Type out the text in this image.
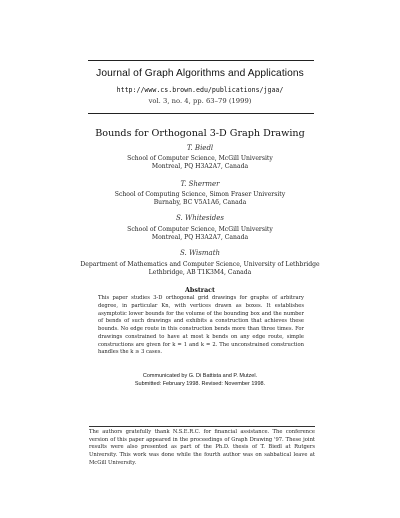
Journal of Graph Algorithms and Applications
http://www.cs.brown.edu/publications/jgaa/
vol. 3, no. 4, pp. 63–79 (1999)
Bounds for Orthogonal 3-D Graph Drawing
T. Biedl
School of Computer Science, McGill University
Montreal, PQ H3A2A7, Canada
T. Shermer
School of Computing Science, Simon Fraser University
Burnaby, BC V5A1A6, Canada
S. Whitesides
School of Computer Science, McGill University
Montreal, PQ H3A2A7, Canada
S. Wismath
Department of Mathematics and Computer Science, University of Lethbridge
Lethbridge, AB T1K3M4, Canada
Abstract
This paper studies 3-D orthogonal grid drawings for graphs of arbitrary degree, in particular Kn, with vertices drawn as boxes. It establishes asymptotic lower bounds for the volume of the bounding box and the number of bends of such drawings and exhibits a construction that achieves these bounds. No edge route in this construction bends more than three times. For drawings constrained to have at most k bends on any edge route, simple constructions are given for k = 1 and k = 2. The unconstrained construction handles the k ≥ 3 cases.
Communicated by G. Di Battista and P. Mutzel.
Submitted: February 1998. Revised: November 1998.
The authors gratefully thank N.S.E.R.C. for financial assistance. The conference version of this paper appeared in the proceedings of Graph Drawing '97. These joint results were also presented as part of the Ph.D. thesis of T. Biedl at Rutgers University. This work was done while the fourth author was on sabbatical leave at McGill University.
